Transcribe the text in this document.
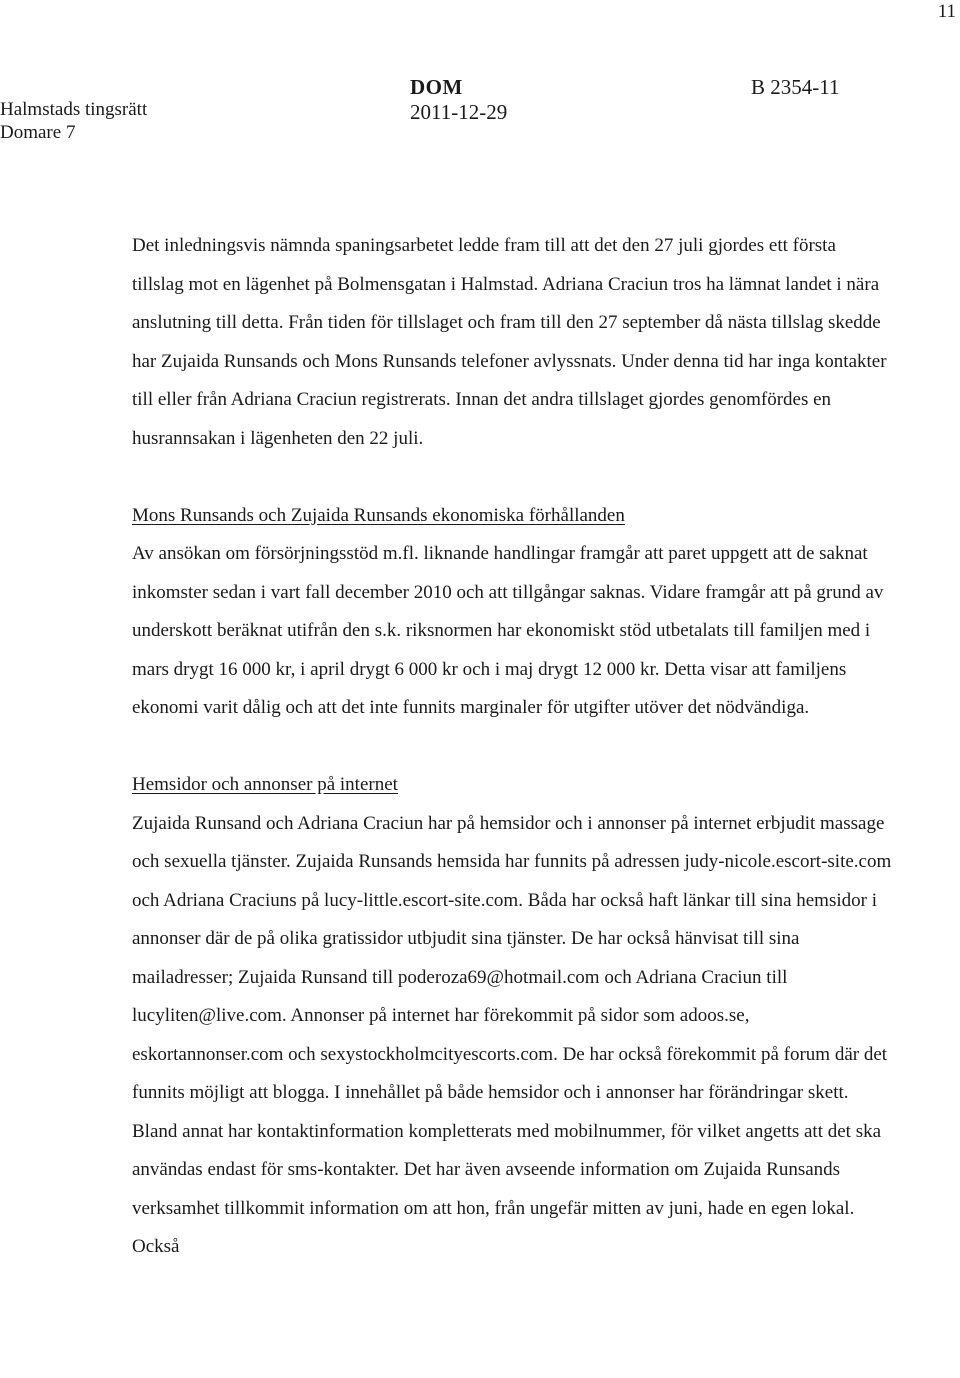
11
Halmstads tingsrätt
Domare 7
DOM
2011-12-29
B 2354-11

Det inledningsvis nämnda spaningsarbetet ledde fram till att det den 27 juli gjordes ett första tillslag mot en lägenhet på Bolmensgatan i Halmstad. Adriana Craciun tros ha lämnat landet i nära anslutning till detta. Från tiden för tillslaget och fram till den 27 september då nästa tillslag skedde har Zujaida Runsands och Mons Runsands telefoner avlyssnats. Under denna tid har inga kontakter till eller från Adriana Craciun registrerats. Innan det andra tillslaget gjordes genomfördes en husrannsakan i lägenheten den 22 juli.

Mons Runsands och Zujaida Runsands ekonomiska förhållanden

Av ansökan om försörjningsstöd m.fl. liknande handlingar framgår att paret uppgett att de saknat inkomster sedan i vart fall december 2010 och att tillgångar saknas. Vidare framgår att på grund av underskott beräknat utifrån den s.k. riksnormen har ekonomiskt stöd utbetalats till familjen med i mars drygt 16 000 kr, i april drygt 6 000 kr och i maj drygt 12 000 kr. Detta visar att familjens ekonomi varit dålig och att det inte funnits marginaler för utgifter utöver det nödvändiga.

Hemsidor och annonser på internet

Zujaida Runsand och Adriana Craciun har på hemsidor och i annonser på internet erbjudit massage och sexuella tjänster. Zujaida Runsands hemsida har funnits på adressen judy-nicole.escort-site.com och Adriana Craciuns på lucy-little.escort-site.com. Båda har också haft länkar till sina hemsidor i annonser där de på olika gratissidor utbjudit sina tjänster. De har också hänvisat till sina mailadresser; Zujaida Runsand till poderoza69@hotmail.com och Adriana Craciun till lucyliten@live.com. Annonser på internet har förekommit på sidor som adoos.se, eskortannonser.com och sexystockholmcityescorts.com. De har också förekommit på forum där det funnits möjligt att blogga. I innehållet på både hemsidor och i annonser har förändringar skett. Bland annat har kontaktinformation kompletterats med mobilnummer, för vilket angetts att det ska användas endast för sms-kontakter. Det har även avseende information om Zujaida Runsands verksamhet tillkommit information om att hon, från ungefär mitten av juni, hade en egen lokal. Också
